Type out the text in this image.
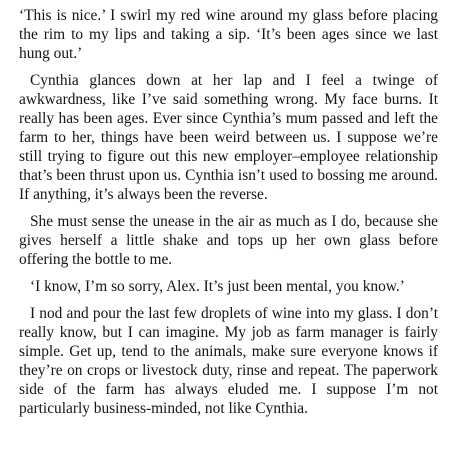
‘This is nice.’ I swirl my red wine around my glass before placing the rim to my lips and taking a sip. ‘It’s been ages since we last hung out.’

Cynthia glances down at her lap and I feel a twinge of awkwardness, like I’ve said something wrong. My face burns. It really has been ages. Ever since Cynthia’s mum passed and left the farm to her, things have been weird between us. I suppose we’re still trying to figure out this new employer–employee relationship that’s been thrust upon us. Cynthia isn’t used to bossing me around. If anything, it’s always been the reverse.

She must sense the unease in the air as much as I do, because she gives herself a little shake and tops up her own glass before offering the bottle to me.

‘I know, I’m so sorry, Alex. It’s just been mental, you know.’

I nod and pour the last few droplets of wine into my glass. I don’t really know, but I can imagine. My job as farm manager is fairly simple. Get up, tend to the animals, make sure everyone knows if they’re on crops or livestock duty, rinse and repeat. The paperwork side of the farm has always eluded me. I suppose I’m not particularly business-minded, not like Cynthia.
